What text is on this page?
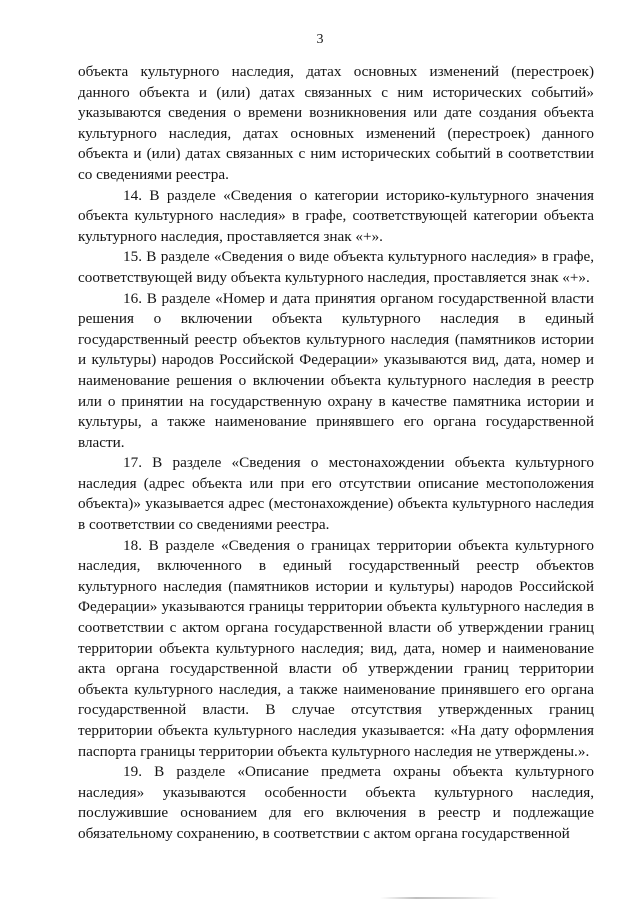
3

объекта культурного наследия, датах основных изменений (перестроек) данного объекта и (или) датах связанных с ним исторических событий» указываются сведения о времени возникновения или дате создания объекта культурного наследия, датах основных изменений (перестроек) данного объекта и (или) датах связанных с ним исторических событий в соответствии со сведениями реестра.

14. В разделе «Сведения о категории историко-культурного значения объекта культурного наследия» в графе, соответствующей категории объекта культурного наследия, проставляется знак «+».

15. В разделе «Сведения о виде объекта культурного наследия» в графе, соответствующей виду объекта культурного наследия, проставляется знак «+».

16. В разделе «Номер и дата принятия органом государственной власти решения о включении объекта культурного наследия в единый государственный реестр объектов культурного наследия (памятников истории и культуры) народов Российской Федерации» указываются вид, дата, номер и наименование решения о включении объекта культурного наследия в реестр или о принятии на государственную охрану в качестве памятника истории и культуры, а также наименование принявшего его органа государственной власти.

17. В разделе «Сведения о местонахождении объекта культурного наследия (адрес объекта или при его отсутствии описание местоположения объекта)» указывается адрес (местонахождение) объекта культурного наследия в соответствии со сведениями реестра.

18. В разделе «Сведения о границах территории объекта культурного наследия, включенного в единый государственный реестр объектов культурного наследия (памятников истории и культуры) народов Российской Федерации» указываются границы территории объекта культурного наследия в соответствии с актом органа государственной власти об утверждении границ территории объекта культурного наследия; вид, дата, номер и наименование акта органа государственной власти об утверждении границ территории объекта культурного наследия, а также наименование принявшего его органа государственной власти. В случае отсутствия утвержденных границ территории объекта культурного наследия указывается: «На дату оформления паспорта границы территории объекта культурного наследия не утверждены.».

19. В разделе «Описание предмета охраны объекта культурного наследия» указываются особенности объекта культурного наследия, послужившие основанием для его включения в реестр и подлежащие обязательному сохранению, в соответствии с актом органа государственной
